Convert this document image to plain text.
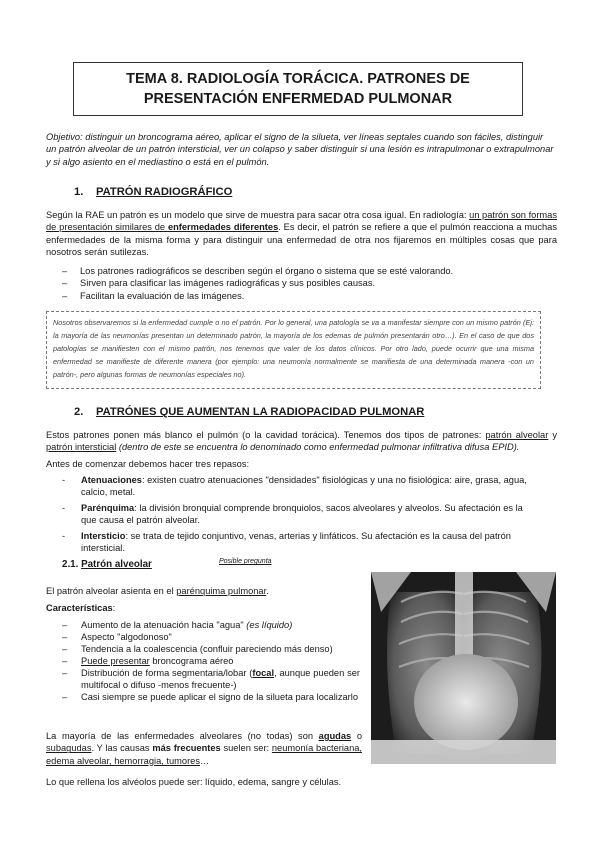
TEMA 8. RADIOLOGÍA TORÁCICA. PATRONES DE
PRESENTACIÓN ENFERMEDAD PULMONAR
Objetivo: distinguir un broncograma aéreo, aplicar el signo de la silueta, ver líneas septales cuando son fáciles, distinguir un patrón alveolar de un patrón intersticial, ver un colapso y saber distinguir si una lesión es intrapulmonar o extrapulmonar y si algo asiento en el mediastino o está en el pulmón.
1. PATRÓN RADIOGRÁFICO
Según la RAE un patrón es un modelo que sirve de muestra para sacar otra cosa igual. En radiología: un patrón son formas de presentación similares de enfermedades diferentes. Es decir, el patrón se refiere a que el pulmón reacciona a muchas enfermedades de la misma forma y para distinguir una enfermedad de otra nos fijaremos en múltiples cosas que para nosotros serán sutilezas.
– Los patrones radiográficos se describen según el órgano o sistema que se esté valorando.
– Sirven para clasificar las imágenes radiográficas y sus posibles causas.
– Facilitan la evaluación de las imágenes.
Nosotros observaremos si la enfermedad cumple o no el patrón. Por lo general, una patología se va a manifestar siempre con un mismo patrón (Ej: la mayoría de las neumonías presentan un determinado patrón, la mayoría de los edemas de pulmón presentarán otro…). En el caso de que dos patologías se manifiesten con el mismo patrón, nos tenemos que valer de los datos clínicos. Por otro lado, puede ocurrir que una misma enfermedad se manifieste de diferente manera (por ejemplo: una neumonía normalmente se manifiesta de una determinada manera -con un patrón-, pero algunas formas de neumonías especiales no).
2. PATRÓNES QUE AUMENTAN LA RADIOPACIDAD PULMONAR
Estos patrones ponen más blanco el pulmón (o la cavidad torácica). Tenemos dos tipos de patrones: patrón alveolar y patrón intersticial (dentro de este se encuentra lo denominado como enfermedad pulmonar infiltrativa difusa EPID).
Antes de comenzar debemos hacer tres repasos:
- Atenuaciones: existen cuatro atenuaciones "densidades" fisiológicas y una no fisiológica: aire, grasa, agua, calcio, metal.
- Parénquima: la división bronquial comprende bronquiolos, sacos alveolares y alveolos. Su afectación es la que causa el patrón alveolar.
- Intersticio: se trata de tejido conjuntivo, venas, arterias y linfáticos. Su afectación es la causa del patrón intersticial.
2.1. Patrón alveolar	Posible pregunta
El patrón alveolar asienta en el parénquima pulmonar.
Características:
– Aumento de la atenuación hacia "agua" (es líquido)
– Aspecto "algodonoso"
– Tendencia a la coalescencia (confluir pareciendo más denso)
– Puede presentar broncograma aéreo
– Distribución de forma segmentaria/lobar (focal, aunque pueden ser multifocal o difuso -menos frecuente-)
– Casi siempre se puede aplicar el signo de la silueta para localizarlo
La mayoría de las enfermedades alveolares (no todas) son agudas o subagudas. Y las causas más frecuentes suelen ser: neumonía bacteriana, edema alveolar, hemorragia, tumores…
Lo que rellena los alvéolos puede ser: líquido, edema, sangre y células.
